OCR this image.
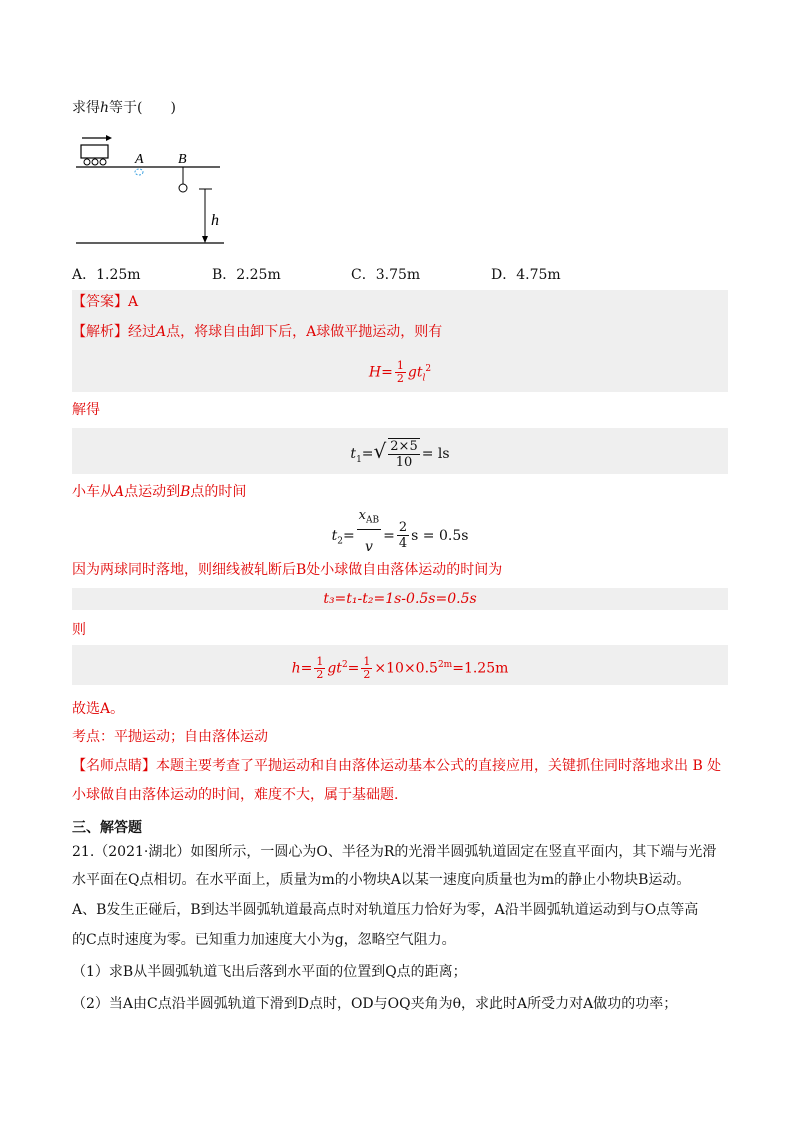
求得h等于(　　)
A B
h
A．1.25m	B．2.25m	C．3.75m	D．4.75m
【答案】A
【解析】经过A点，将球自由卸下后，A球做平抛运动，则有
$H= \frac{1}{2} gt_l^2$
解得
$t_1=√ \frac{2\times 5}{10}$ = ls
小车从A点运动到B点的时间
$t_2= \frac{x_{AB}}{v} = \frac{2}{4}$ s = 0.5s
因为两球同时落地，则细线被轧断后B处小球做自由落体运动的时间为
t₃=t₁-t₂=1s-0.5s=0.5s
则
$h= \frac{1}{2} gt^2= \frac{1}{2} \times 10\times 0.5^{2m}=1.25m$
故选A。
考点：平抛运动；自由落体运动
【名师点睛】本题主要考查了平抛运动和自由落体运动基本公式的直接应用，关键抓住同时落地求出 B 处
小球做自由落体运动的时间，难度不大，属于基础题.
三、解答题
21.（2021·湖北）如图所示，一圆心为O、半径为R的光滑半圆弧轨道固定在竖直平面内，其下端与光滑
水平面在Q点相切。在水平面上，质量为m的小物块A以某一速度向质量也为m的静止小物块B运动。
A、B发生正碰后，B到达半圆弧轨道最高点时对轨道压力恰好为零，A沿半圆弧轨道运动到与O点等高
的C点时速度为零。已知重力加速度大小为g，忽略空气阻力。
（1）求B从半圆弧轨道飞出后落到水平面的位置到Q点的距离；
（2）当A由C点沿半圆弧轨道下滑到D点时，OD与OQ夹角为θ，求此时A所受力对A做功的功率；
